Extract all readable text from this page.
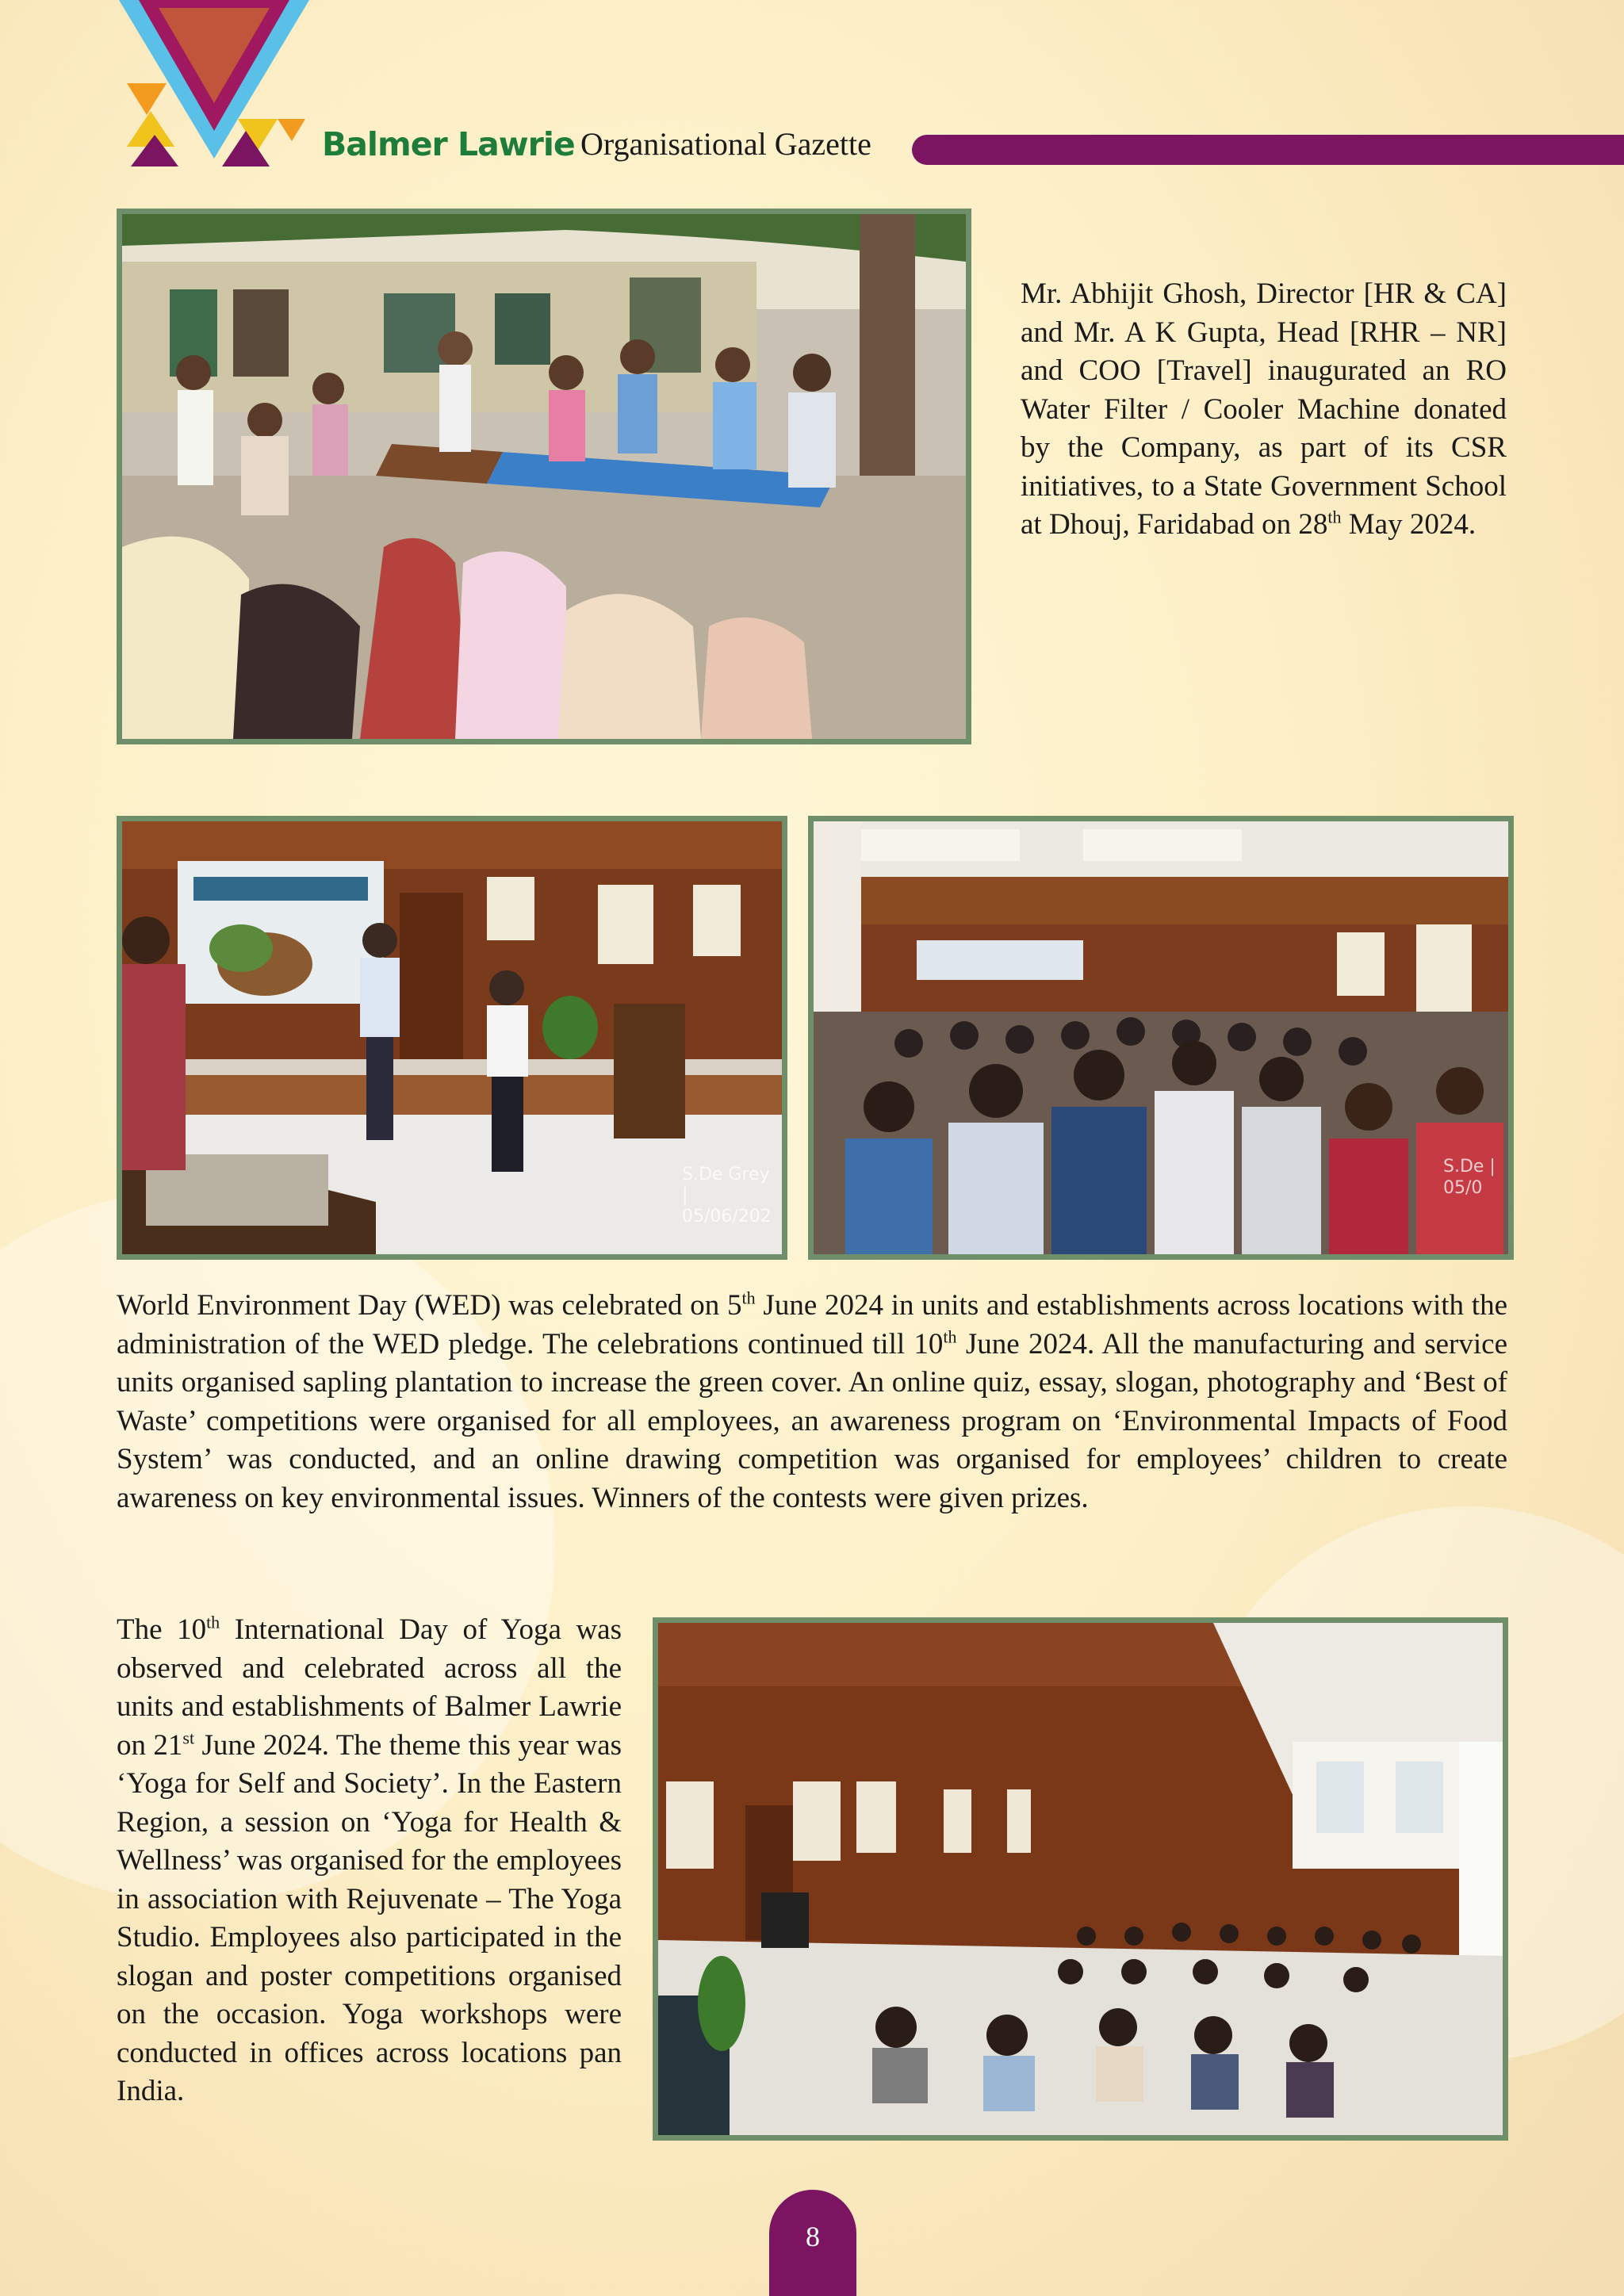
Balmer Lawrie Organisational Gazette
Mr. Abhijit Ghosh, Director [HR & CA] and Mr. A K Gupta, Head [RHR – NR] and COO [Travel] inaugurated an RO Water Filter / Cooler Machine donated by the Company, as part of its CSR initiatives, to a State Government School at Dhouj, Faridabad on 28th May 2024.
S.De Grey | 05/06/202
S.De | 05/0
World Environment Day (WED) was celebrated on 5th June 2024 in units and establishments across locations with the administration of the WED pledge. The celebrations continued till 10th June 2024. All the manufacturing and service units organised sapling plantation to increase the green cover. An online quiz, essay, slogan, photography and ‘Best of Waste’ competitions were organised for all employees, an awareness program on ‘Environmental Impacts of Food System’ was conducted, and an online drawing competition was organised for employees’ children to create awareness on key environmental issues. Winners of the contests were given prizes.
The 10th International Day of Yoga was observed and celebrated across all the units and establishments of Balmer Lawrie on 21st June 2024. The theme this year was ‘Yoga for Self and Society’. In the Eastern Region, a session on ‘Yoga for Health & Wellness’ was organised for the employees in association with Rejuvenate – The Yoga Studio. Employees also participated in the slogan and poster competitions organised on the occasion. Yoga workshops were conducted in offices across locations pan India.
8
